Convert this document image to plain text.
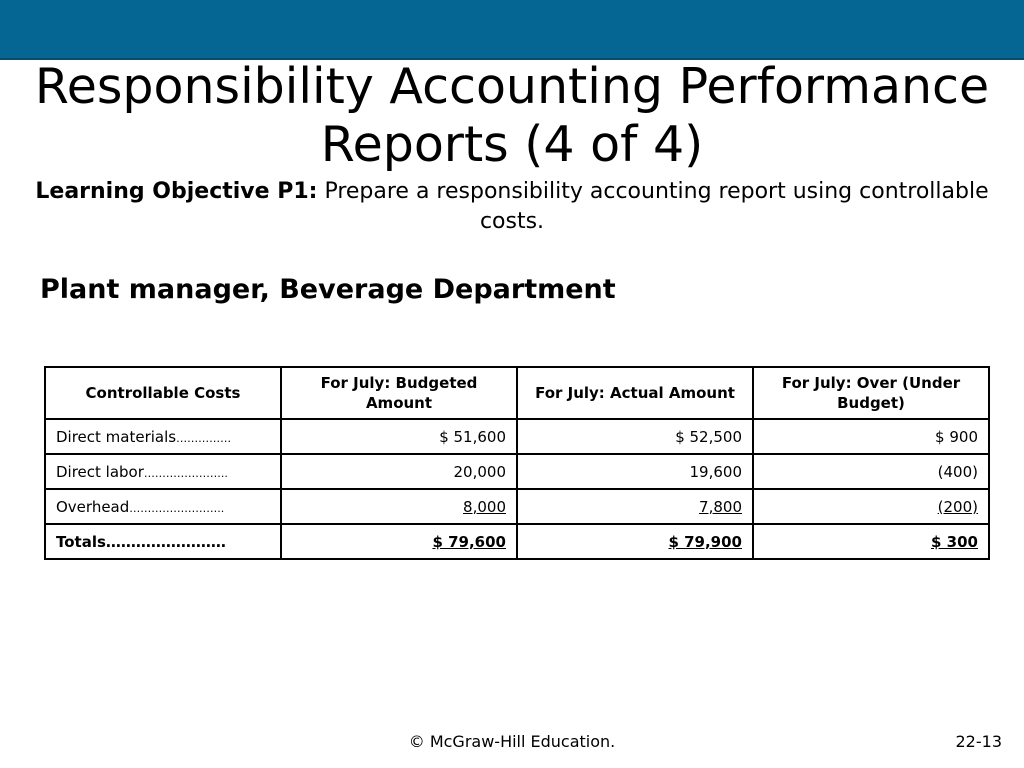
Responsibility Accounting Performance
Reports (4 of 4)
Learning Objective P1: Prepare a responsibility accounting report using controllable costs.
Plant manager, Beverage Department
Controllable Costs	For July: Budgeted Amount	For July: Actual Amount	For July: Over (Under Budget)
Direct materials……………	$ 51,600	$ 52,500	$ 900
Direct labor…………………..	20,000	19,600	(400)
Overhead……………………..	8,000	7,800	(200)
Totals……………………	$ 79,600	$ 79,900	$ 300
© McGraw-Hill Education.	22-13
